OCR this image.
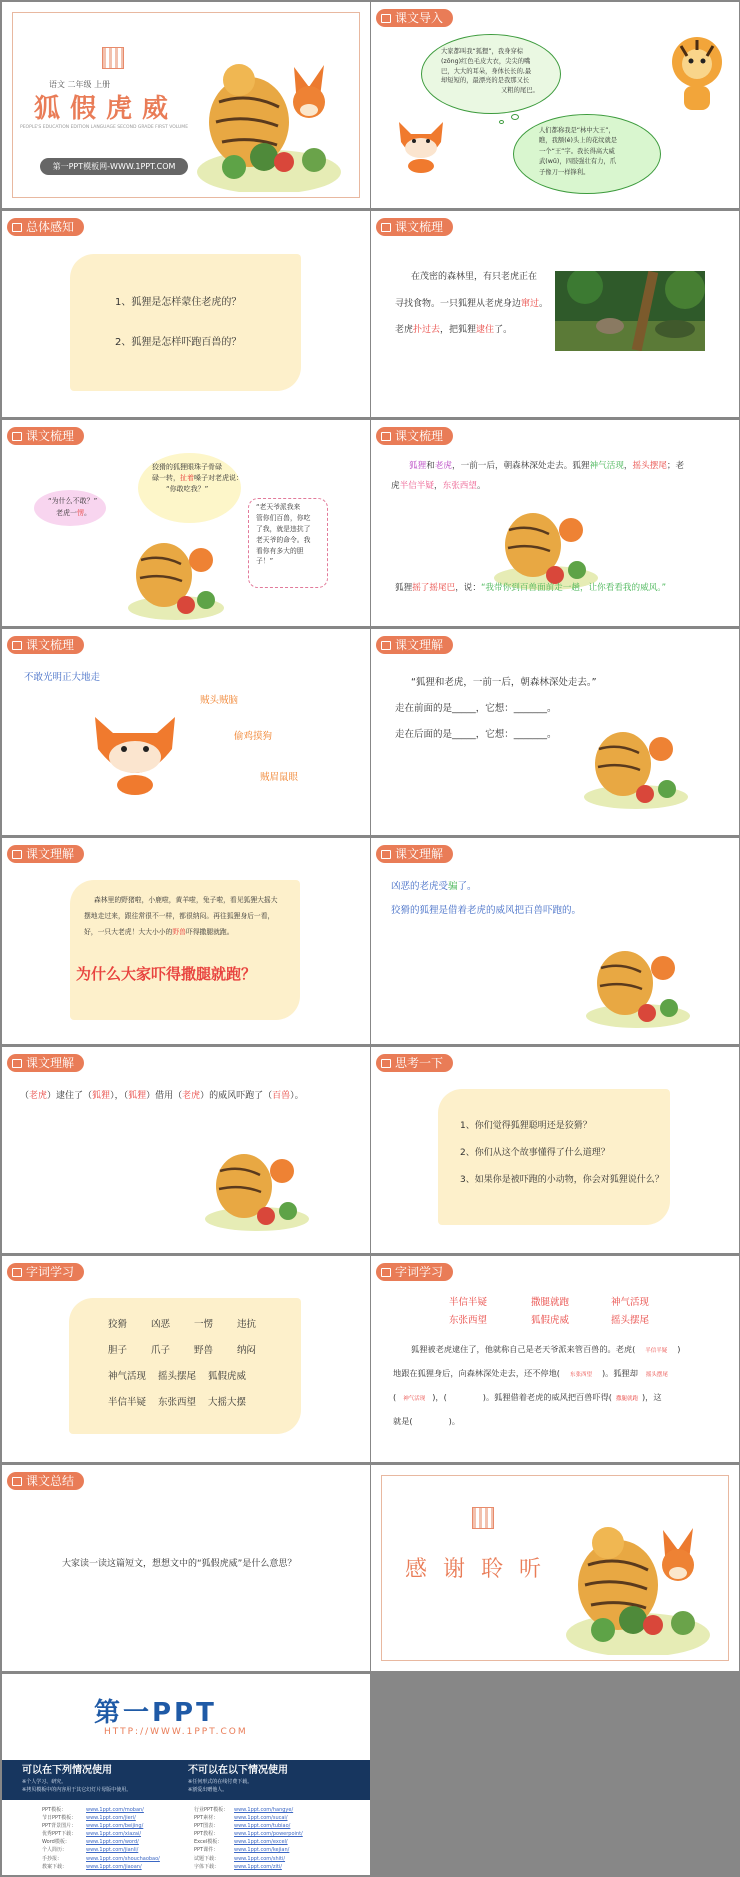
语文 二年级 上册
狐假虎威
PEOPLE'S EDUCATION EDITION LANGUAGE SECOND GRADE FIRST VOLUME
第一PPT模板网-WWW.1PPT.COM
课文导入
大家都叫我“狐狸”，我身穿棕
(zōng)红色毛皮大衣，尖尖的嘴
巴，大大的耳朵，身体长长的,最
却短短的，最漂亮的是我那又长
又粗的尾巴。
人们都称我是“林中大王”，
瞧，我额(é)头上的花纹就是
一个“王”字。我长得高大威
武(wǔ)，四肢强壮有力，爪
子像刀一样锋利。
总体感知
1、狐狸是怎样蒙住老虎的？
2、狐狸是怎样吓跑百兽的？
课文梳理
在茂密的森林里，有只老虎正在
寻找食物。一只狐狸从老虎身边窜过。
老虎扑过去，把狐狸逮住了。
课文梳理
狡猾的狐狸眼珠子骨碌
碌一转，扯着嗓子对老虎说：
“你敢吃我？”
“为什么不敢？”
老虎一愣。
“老天爷派我来
管你们百兽，你吃
了我，就是违抗了
老天爷的命令。我
看你有多大的胆
子！”
课文梳理
狐狸和老虎，一前一后，朝森林深处走去。狐狸神气活现，摇头摆尾；老
虎半信半疑，东张西望。
狐狸摇了摇尾巴，说：“我带你到百兽面前走一趟，让你看看我的威风。”
课文梳理
不敢光明正大地走
贼头贼脑
偷鸡摸狗
贼眉鼠眼
课文理解
“狐狸和老虎，一前一后，朝森林深处走去。”
走在前面的是_____，它想：_______。
走在后面的是_____，它想：_______。
课文理解
森林里的野猪啦，小鹿啦，黄羊啦，兔子啦，看见狐狸大摇大
摆地走过来，跟往常很不一样，都很纳闷。再往狐狸身后一看，
好，一只大老虎！大大小小的野兽吓得撒腿就跑。
为什么大家吓得撒腿就跑？
课文理解
凶恶的老虎受骗了。
狡猾的狐狸是借着老虎的威风把百兽吓跑的。
课文理解
（老虎）逮住了（狐狸），（狐狸）借用（老虎）的威风吓跑了（百兽）。
思考一下
1、你们觉得狐狸聪明还是狡猾？
2、你们从这个故事懂得了什么道理？
3、如果你是被吓跑的小动物，你会对狐狸说什么？
字词学习
狡猾	凶恶	一愣	违抗
胆子	爪子	野兽	纳闷
神气活现 摇头摆尾 狐假虎威
半信半疑 东张西望 大摇大摆
字词学习
半信半疑	撒腿就跑	神气活现
东张西望	狐假虎威	摇头摆尾
狐狸被老虎逮住了，他就称自己是老天爷派来管百兽的。老虎( 半信半疑 )
地跟在狐狸身后，向森林深处走去，还不停地( 东张西望 )。狐狸却 摇头摆尾
( 神气活现 )，(	)。狐狸借着老虎的威风把百兽吓得( 撒腿就跑 )，这
就是(	)。
课文总结
大家读一读这篇短文，想想文中的“狐假虎威”是什么意思？	感谢聆听
第一PPT
HTTP://WWW.1PPT.COM
可以在下列情况使用
※个人学习、研究。
※拷贝模板中的内容用于其它幻灯片母版中使用。
不可以在以下情况使用
※任何形式的在线付费下载。
※割爱出赠他人。
PPT模板：	www.1ppt.com/moban/
节日PPT模板： www.1ppt.com/jieri/
PPT背景图片： www.1ppt.com/beijing/
优秀PPT下载： www.1ppt.com/xiazai/
Word模板：	www.1ppt.com/word/
个人简历：	www.1ppt.com/jianli/
手抄报：	www.1ppt.com/shouchaobao/
教案下载：	www.1ppt.com/jiaoan/
行业PPT模板： www.1ppt.com/hangye/
PPT素材：	www.1ppt.com/sucai/
PPT图表：	www.1ppt.com/tubiao/
PPT教程：	www.1ppt.com/powerpoint/
Excel模板： www.1ppt.com/excel/
PPT课件：	www.1ppt.com/kejian/
试题下载：	www.1ppt.com/shiti/
字体下载：	www.1ppt.com/ziti/
